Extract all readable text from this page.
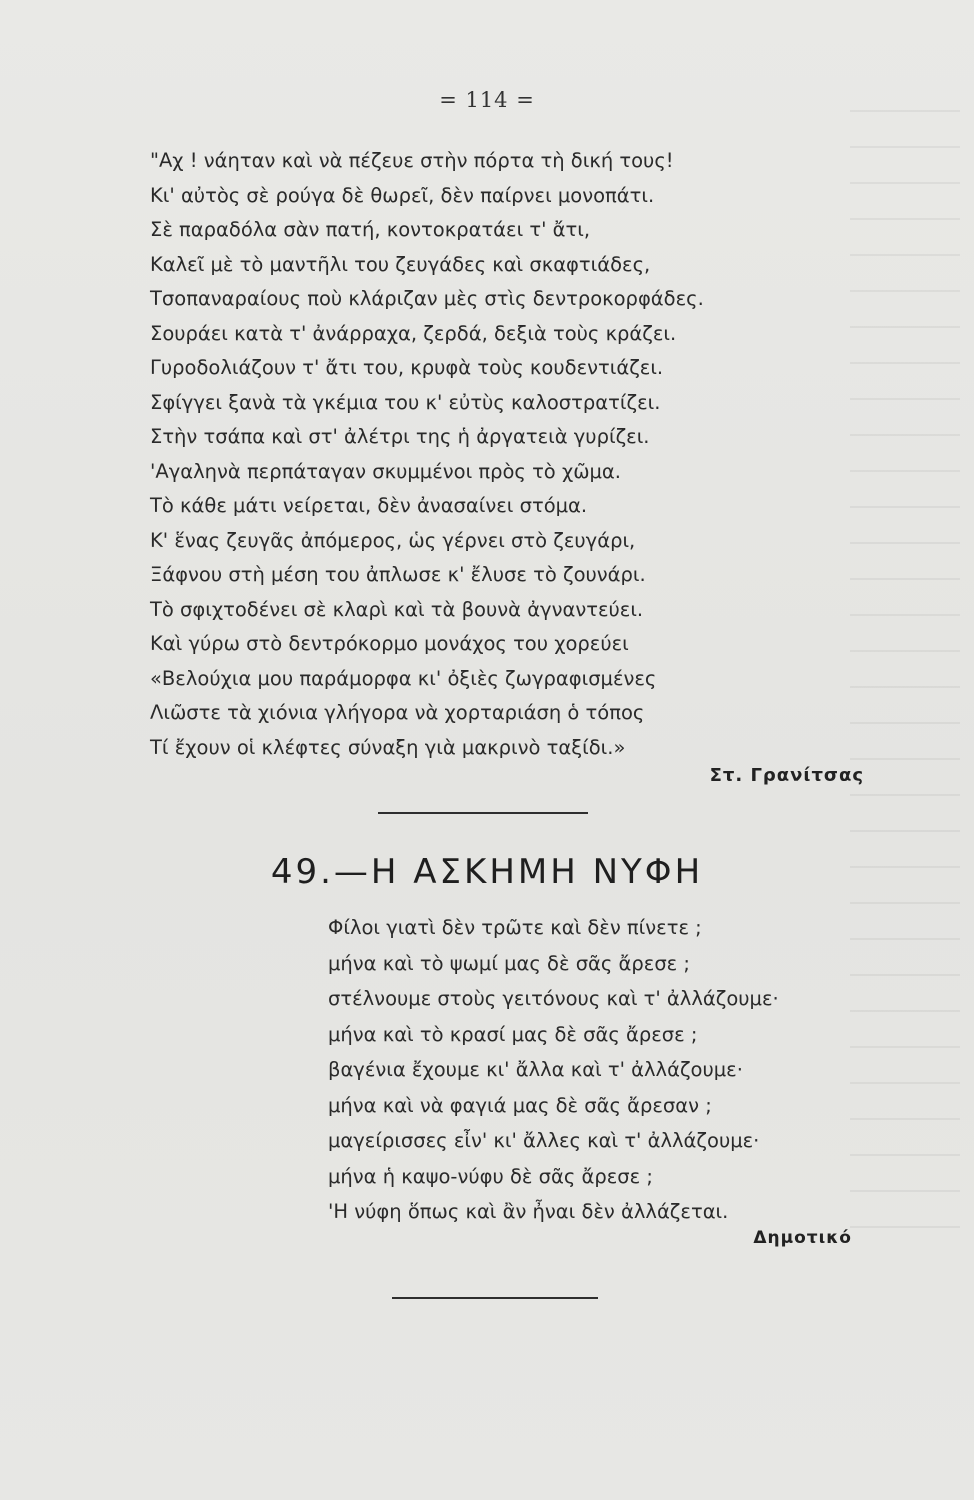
= 114 =
"Αχ ! νάηταν καὶ νὰ πέζευε στὴν πόρτα τὴ δική τους!
Κι' αὐτὸς σὲ ρούγα δὲ θωρεῖ, δὲν παίρνει μονοπάτι.
Σὲ παραδόλα σὰν πατή, κοντοκρατάει τ' ἄτι,
Καλεῖ μὲ τὸ μαντῆλι του ζευγάδες καὶ σκαφτιάδες,
Τσοπαναραίους ποὺ κλάριζαν μὲς στὶς δεντροκορφάδες.
Σουράει κατὰ τ' ἀνάρραχα, ζερδά, δεξιὰ τοὺς κράζει.
Γυροδολιάζουν τ' ἄτι του, κρυφὰ τοὺς κουδεντιάζει.
Σφίγγει ξανὰ τὰ γκέμια του κ' εὐτὺς καλοστρατίζει.
Στὴν τσάπα καὶ στ' ἀλέτρι της ἡ ἀργατειὰ γυρίζει.
'Αγαληνὰ περπάταγαν σκυμμένοι πρὸς τὸ χῶμα.
Τὸ κάθε μάτι νείρεται, δὲν ἀνασαίνει στόμα.
Κ' ἕνας ζευγᾶς ἀπόμερος, ὡς γέρνει στὸ ζευγάρι,
Ξάφνου στὴ μέση του ἀπλωσε κ' ἔλυσε τὸ ζουνάρι.
Τὸ σφιχτοδένει σὲ κλαρὶ καὶ τὰ βουνὰ ἀγναντεύει.
Καὶ γύρω στὸ δεντρόκορμο μονάχος του χορεύει
«Βελούχια μου παράμορφα κι' ὀξιὲς ζωγραφισμένες
Λιῶστε τὰ χιόνια γλήγορα νὰ χορταριάση ὁ τόπος
Τί ἔχουν οἱ κλέφτες σύναξη γιὰ μακρινὸ ταξίδι.»
Στ. Γρανίτσας
49.—Η ΑΣΚΗΜΗ ΝΥΦΗ
Φίλοι γιατὶ δὲν τρῶτε καὶ δὲν πίνετε ;
μήνα καὶ τὸ ψωμί μας δὲ σᾶς ἄρεσε ;
στέλνουμε στοὺς γειτόνους καὶ τ' ἀλλάζουμε·
μήνα καὶ τὸ κρασί μας δὲ σᾶς ἄρεσε ;
βαγένια ἔχουμε κι' ἄλλα καὶ τ' ἀλλάζουμε·
μήνα καὶ νὰ φαγιά μας δὲ σᾶς ἄρεσαν ;
μαγείρισσες εἶν' κι' ἄλλες καὶ τ' ἀλλάζουμε·
μήνα ἡ καψο-νύφυ δὲ σᾶς ἄρεσε ;
'Η νύφη ὅπως καὶ ἂν ἦναι δὲν ἀλλάζεται.
Δημοτικό
